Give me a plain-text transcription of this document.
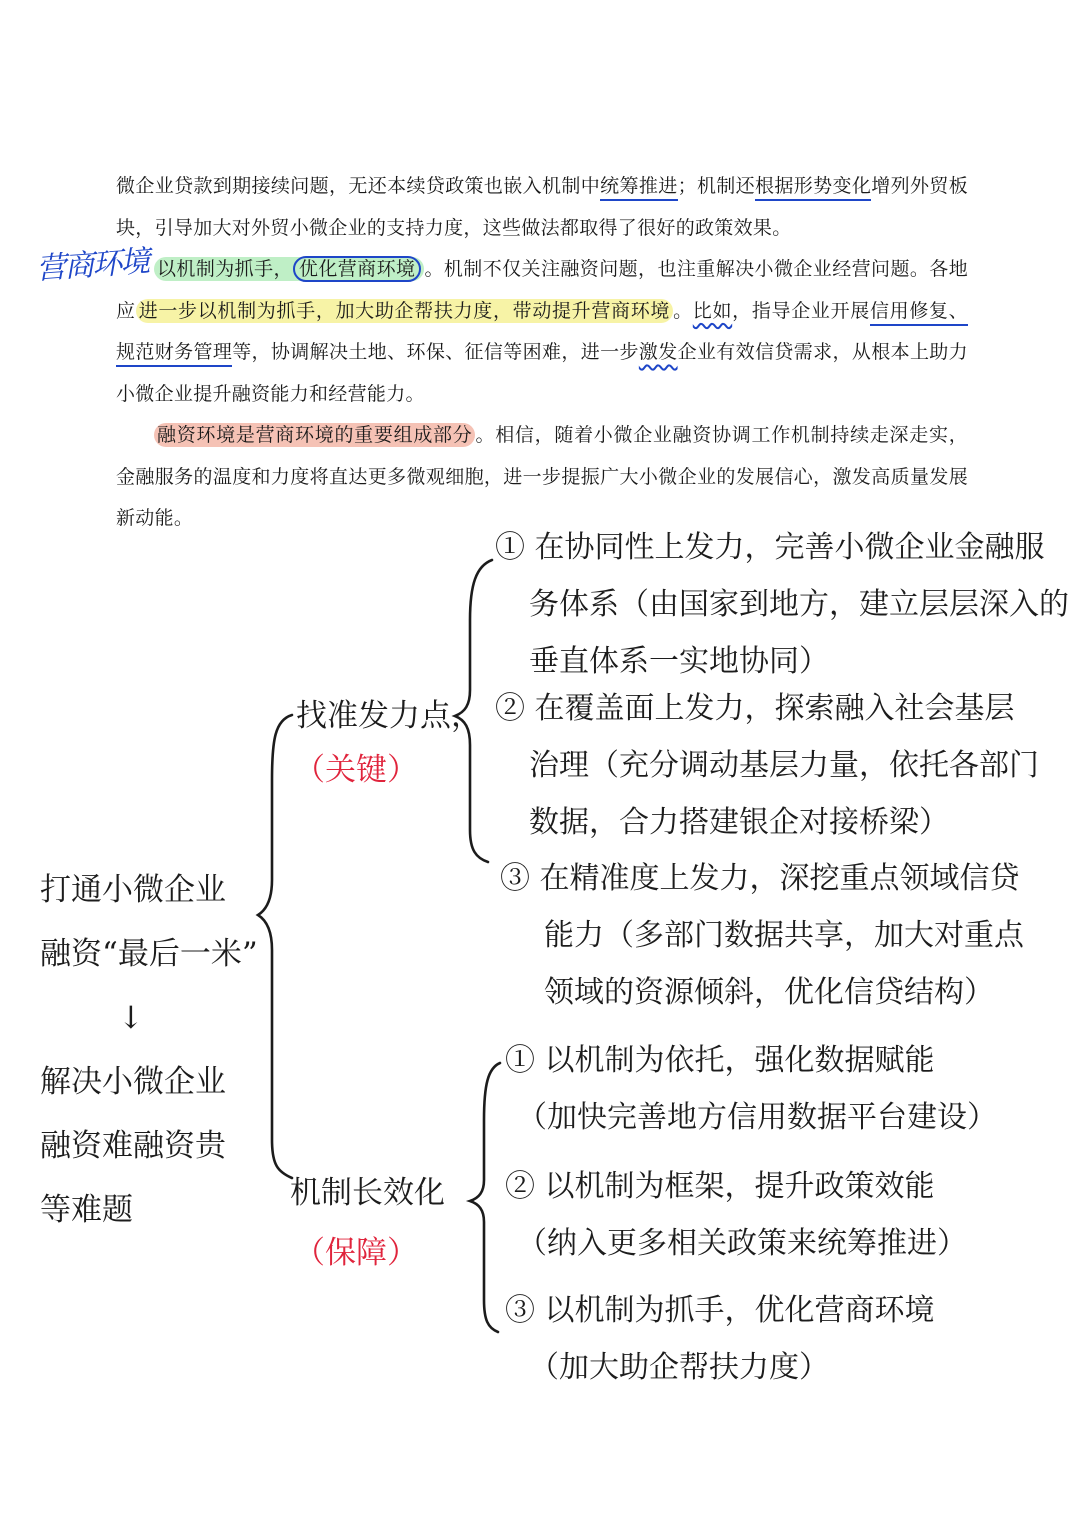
微企业贷款到期接续问题，无还本续贷政策也嵌入机制中统筹推进；机制还根据形势变化增列外贸板块，引导加大对外贸小微企业的支持力度，这些做法都取得了很好的政策效果。

以机制为抓手， 优化营商环境 。机制不仅关注融资问题，也注重解决小微企业经营问题。各地应 进一步以机制为抓手，加大助企帮扶力度，带动提升营商环境 。比如，指导企业开展信用修复、规范财务管理等，协调解决土地、环保、征信等困难，进一步激发企业有效信贷需求，从根本上助力小微企业提升融资能力和经营能力。

融资环境是营商环境的重要组成部分 。相信，随着小微企业融资协调工作机制持续走深走实，金融服务的温度和力度将直达更多微观细胞，进一步提振广大小微企业的发展信心，激发高质量发展新动能。

营商环境
打通小微企业
融资“最后一米”
↓
解决小微企业
融资难融资贵
等难题
找准发力点，
（关键）
① 在协同性上发力，完善小微企业金融服
务体系（由国家到地方，建立层层深入的
垂直体系一实地协同）
② 在覆盖面上发力，探索融入社会基层
治理（充分调动基层力量，依托各部门
数据，合力搭建银企对接桥梁）
③ 在精准度上发力，深挖重点领域信贷
能力（多部门数据共享，加大对重点
领域的资源倾斜，优化信贷结构）
机制长效化
（保障）
① 以机制为依托，强化数据赋能
（加快完善地方信用数据平台建设）
② 以机制为框架，提升政策效能
（纳入更多相关政策来统筹推进）
③ 以机制为抓手，优化营商环境
（加大助企帮扶力度）
